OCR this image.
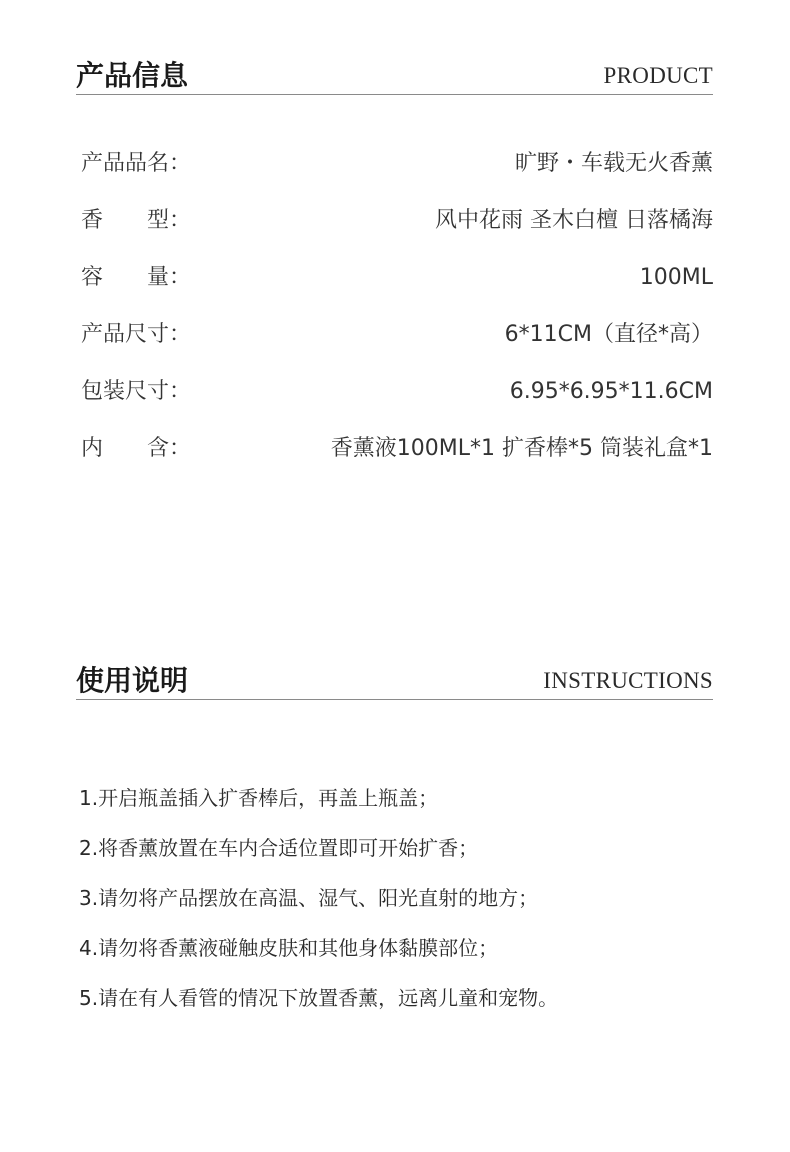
产品信息	PRODUCT
产品品名：	旷野・车载无火香薰
香　　型：	风中花雨 圣木白檀 日落橘海
容　　量：	100ML
产品尺寸：	6*11CM（直径*高）
包装尺寸：	6.95*6.95*11.6CM
内　　含：	香薰液100ML*1 扩香棒*5 筒装礼盒*1
使用说明	INSTRUCTIONS
1.开启瓶盖插入扩香棒后，再盖上瓶盖；
2.将香薰放置在车内合适位置即可开始扩香；
3.请勿将产品摆放在高温、湿气、阳光直射的地方；
4.请勿将香薰液碰触皮肤和其他身体黏膜部位；
5.请在有人看管的情况下放置香薰，远离儿童和宠物。
